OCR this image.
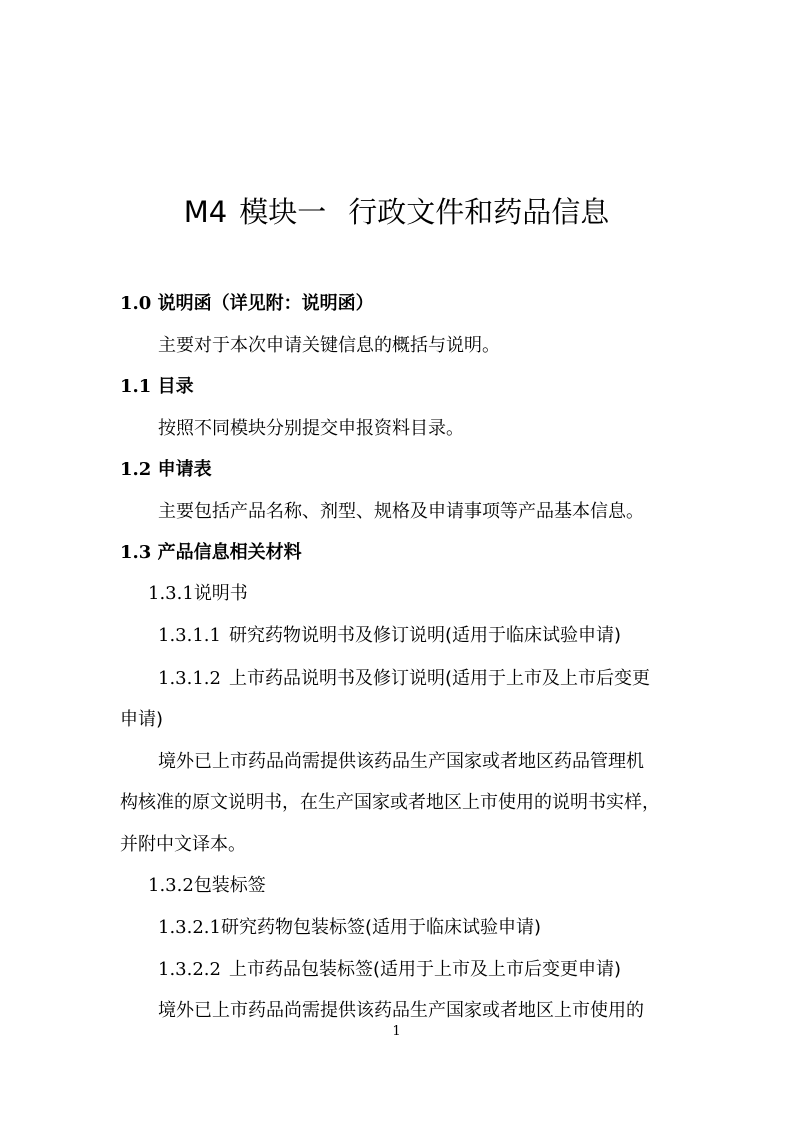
M4 模块一 行政文件和药品信息
1.0 说明函（详见附：说明函）
主要对于本次申请关键信息的概括与说明。
1.1 目录
按照不同模块分别提交申报资料目录。
1.2 申请表
主要包括产品名称、剂型、规格及申请事项等产品基本信息。
1.3 产品信息相关材料
1.3.1说明书
1.3.1.1 研究药物说明书及修订说明(适用于临床试验申请)
1.3.1.2 上市药品说明书及修订说明(适用于上市及上市后变更
申请)
境外已上市药品尚需提供该药品生产国家或者地区药品管理机
构核准的原文说明书，在生产国家或者地区上市使用的说明书实样，
并附中文译本。
1.3.2包装标签
1.3.2.1研究药物包装标签(适用于临床试验申请)
1.3.2.2 上市药品包装标签(适用于上市及上市后变更申请)
境外已上市药品尚需提供该药品生产国家或者地区上市使用的
1
